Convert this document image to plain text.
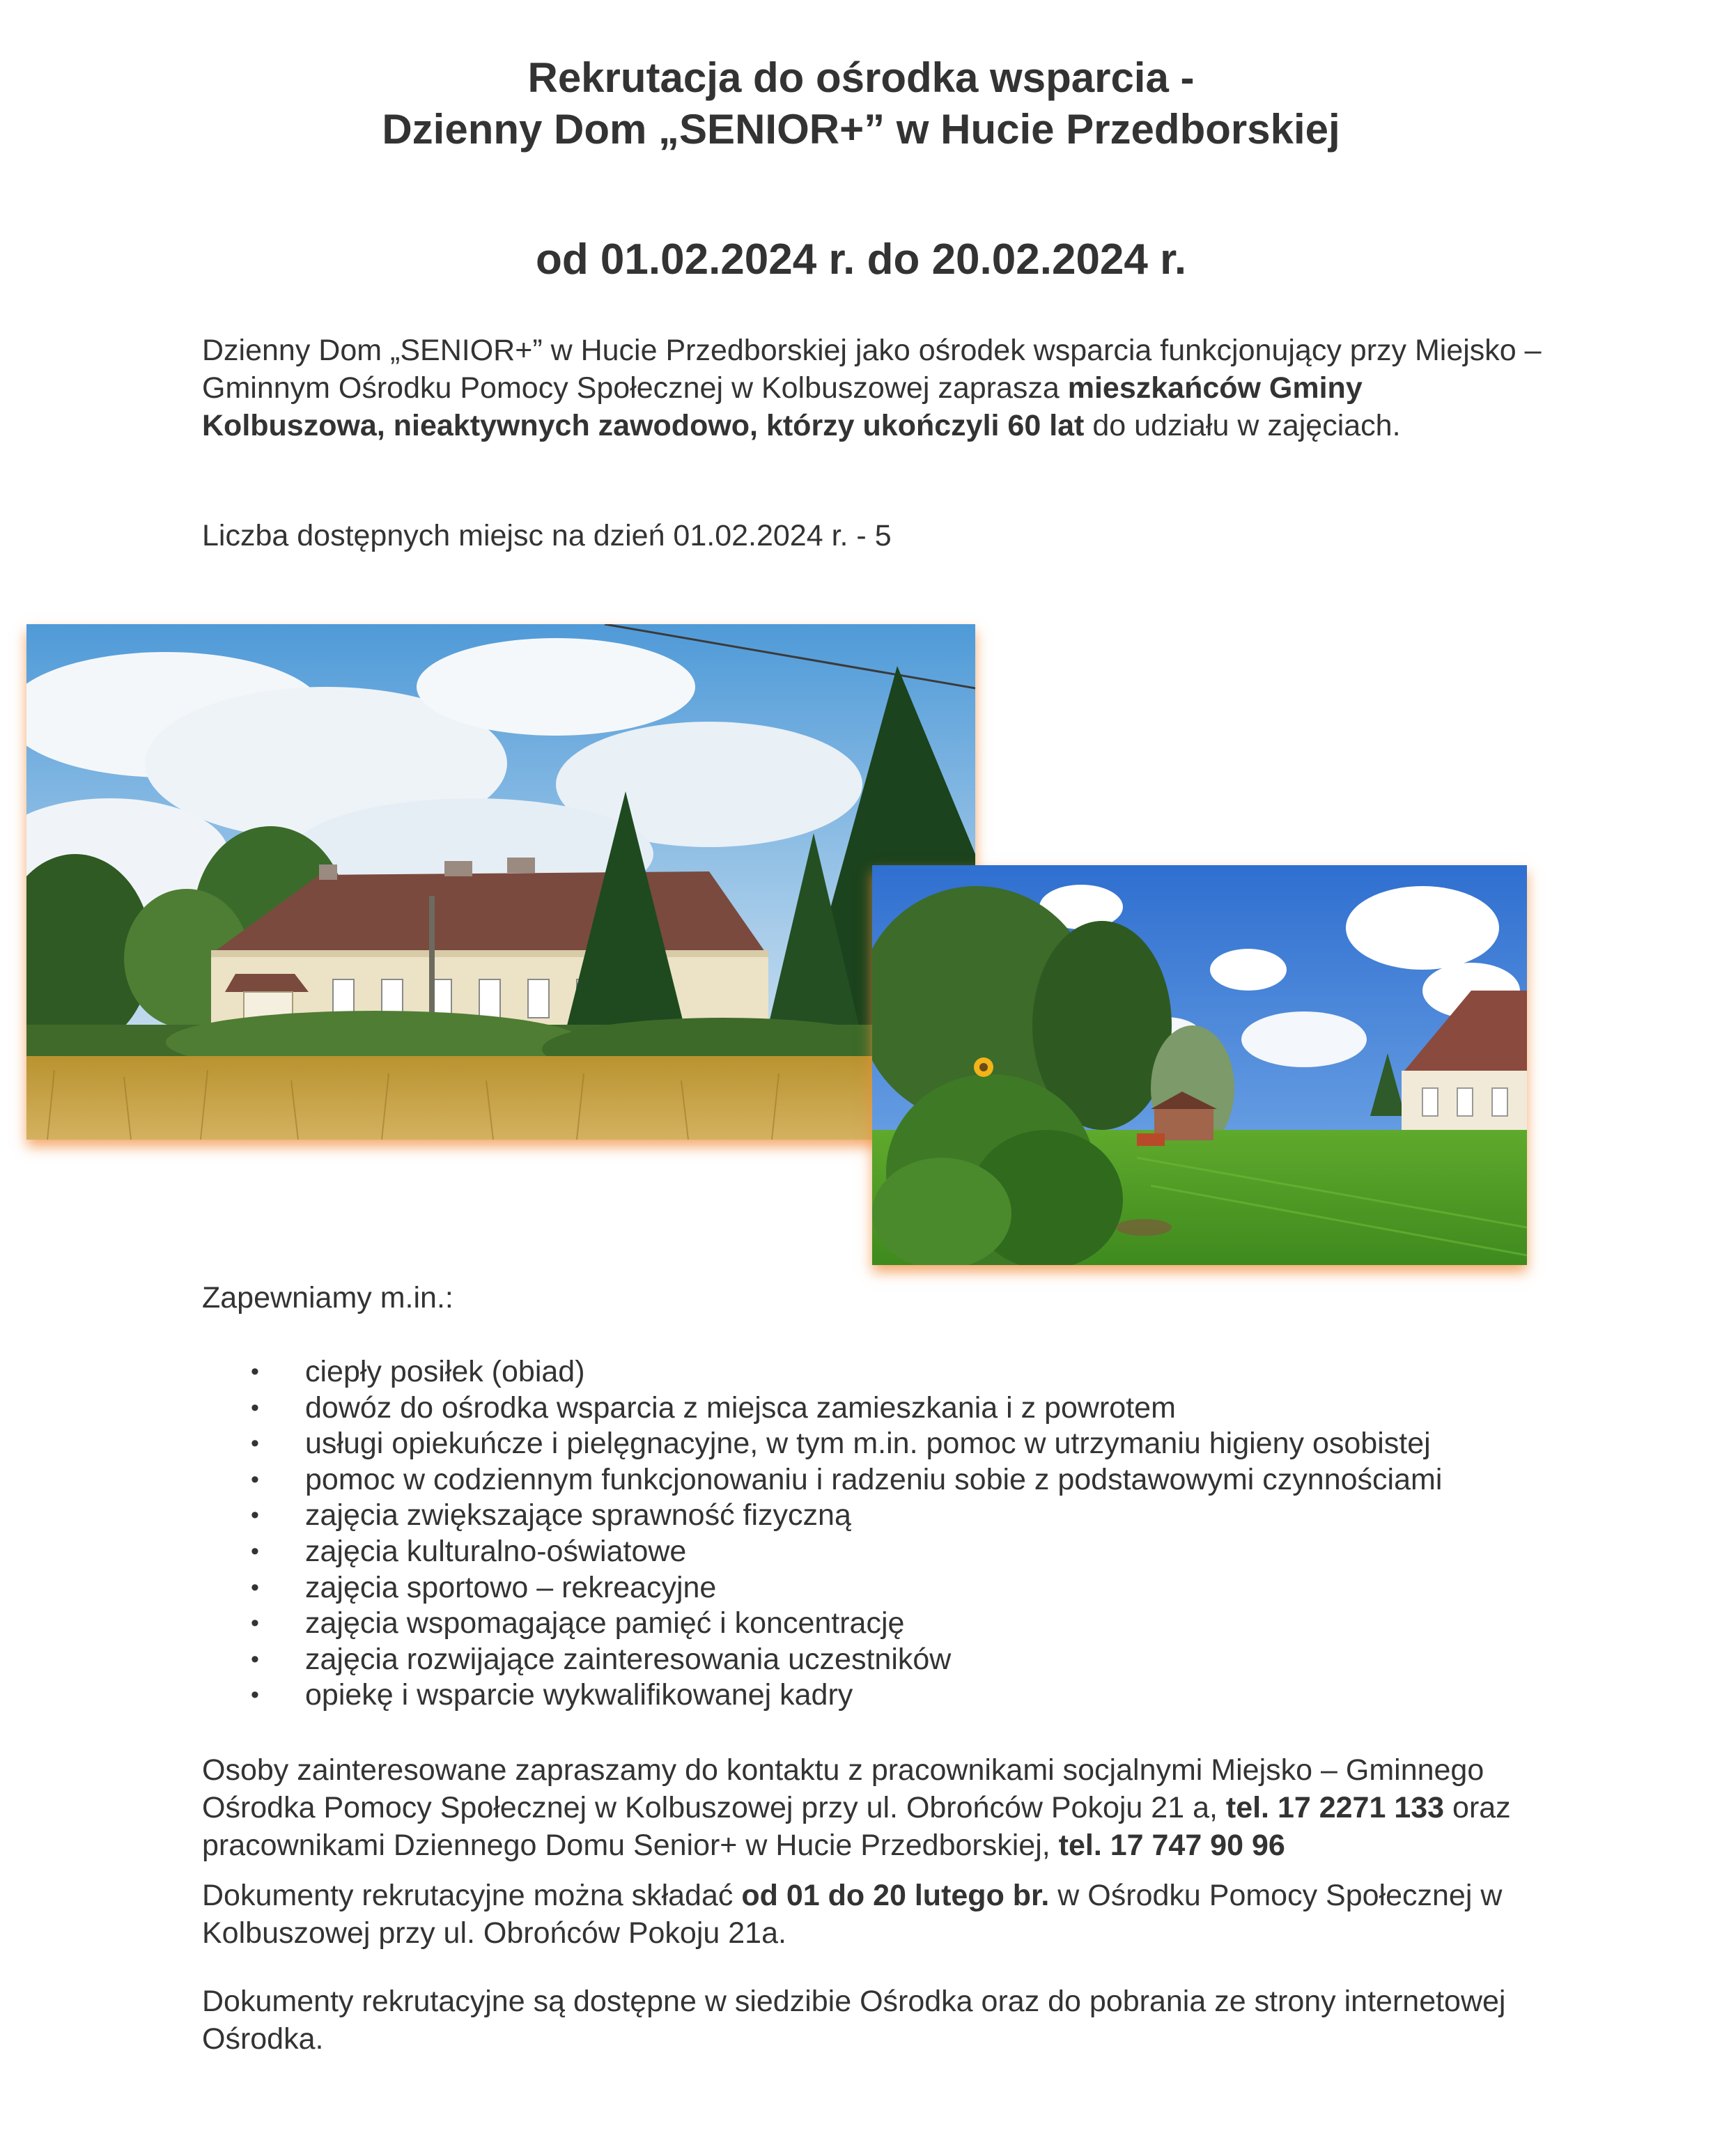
Rekrutacja do ośrodka wsparcia -
Dzienny Dom „SENIOR+” w Hucie Przedborskiej
od 01.02.2024 r. do 20.02.2024 r.

Dzienny Dom „SENIOR+” w Hucie Przedborskiej jako ośrodek wsparcia funkcjonujący przy Miejsko – Gminnym Ośrodku Pomocy Społecznej w Kolbuszowej zaprasza mieszkańców Gminy Kolbuszowa, nieaktywnych zawodowo, którzy ukończyli 60 lat do udziału w zajęciach.

Liczba dostępnych miejsc na dzień 01.02.2024 r. - 5

Zapewniamy m.in.:

• ciepły posiłek (obiad)
• dowóz do ośrodka wsparcia z miejsca zamieszkania i z powrotem
• usługi opiekuńcze i pielęgnacyjne, w tym m.in. pomoc w utrzymaniu higieny osobistej
• pomoc w codziennym funkcjonowaniu i radzeniu sobie z podstawowymi czynnościami
• zajęcia zwiększające sprawność fizyczną
• zajęcia kulturalno-oświatowe
• zajęcia sportowo – rekreacyjne
• zajęcia wspomagające pamięć i koncentrację
• zajęcia rozwijające zainteresowania uczestników
• opiekę i wsparcie wykwalifikowanej kadry

Osoby zainteresowane zapraszamy do kontaktu z pracownikami socjalnymi Miejsko – Gminnego Ośrodka Pomocy Społecznej w Kolbuszowej przy ul. Obrońców Pokoju 21 a, tel. 17 2271 133 oraz pracownikami Dziennego Domu Senior+ w Hucie Przedborskiej, tel. 17 747 90 96

Dokumenty rekrutacyjne można składać od 01 do 20 lutego br. w Ośrodku Pomocy Społecznej w Kolbuszowej przy ul. Obrońców Pokoju 21a.

Dokumenty rekrutacyjne są dostępne w siedzibie Ośrodka oraz do pobrania ze strony internetowej Ośrodka.
